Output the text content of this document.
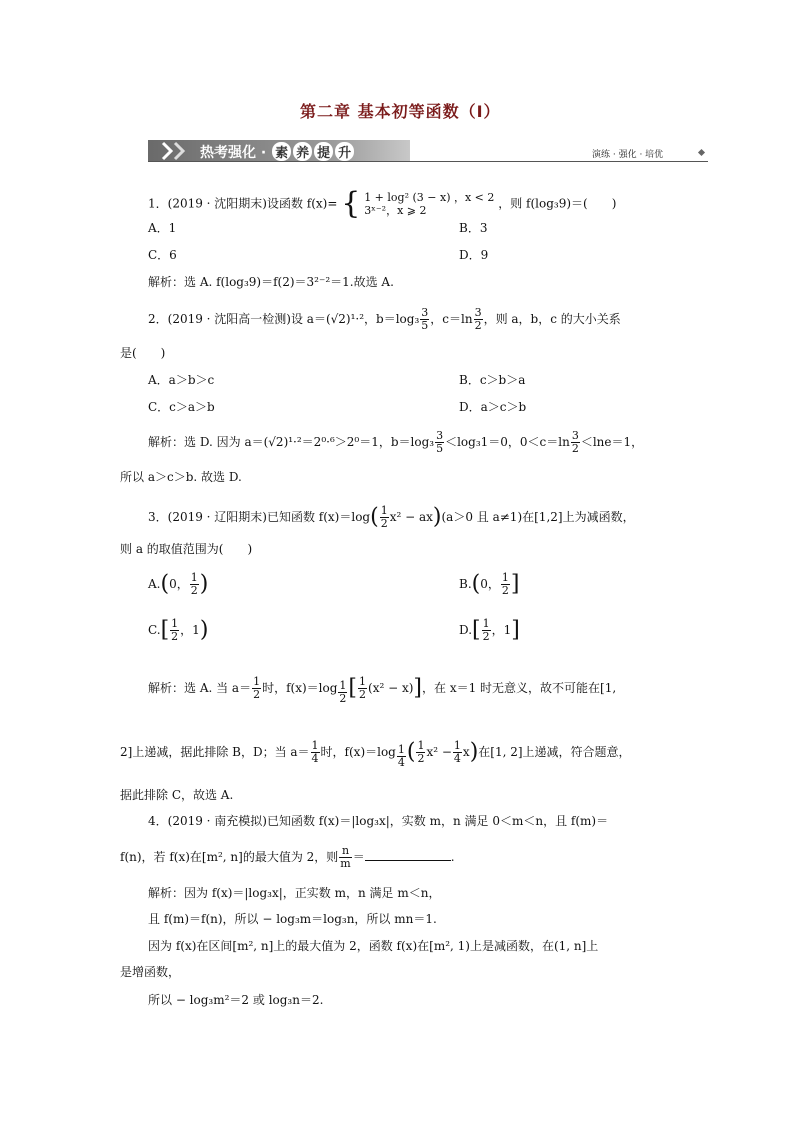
第二章 基本初等函数（Ⅰ）
热考强化 · 素 养 提 升	演练 · 强化 · 培优
1．(2019 · 沈阳期末)设函数 f(x)= { 1 + log² (3 − x) ，x < 2
3ˣ⁻²，x ⩾ 2	，则 f(log₃9)＝(　　)
A．1	B．3
C．6	D．9
解析：选 A. f(log₃9)＝f(2)＝3²⁻²＝1.故选 A.
2．(2019 · 沈阳高一检测)设 a＝(√2)¹·²，$b=\log_3 \frac{3}{5}$ ，$c=\ln \frac{3}{2}$ ，则 a，b，c 的大小关系
是(　　)
A．a＞b＞c	B．c＞b＞a
C．c＞a＞b	D．a＞c＞b
解析：选 D. 因为 a＝(√2)¹·²＝2⁰·⁶＞2⁰＝1，$b=\log_3 \frac{3}{5} <\log_31=0$，$0<c=\ln \frac{3}{2} <\ln e=1$，
所以 a＞c＞b. 故选 D.
3．(2019 · 辽阳期末)已知函数 $f(x)=\log( \frac{1}{2} x^2 - ax)(a>0$ 且 a≠1)在[1,2]上为减函数，
则 a 的取值范围为(　　)
A.(0， $\frac{1}{2}$ )	B.(0， $\frac{1}{2}$ ]
$C.[ \frac{1}{2}$ ，1)	$D.[ \frac{1}{2}$ ，1]
解析：选 A. 当 $a= \frac{1}{2}$ 时，$f(x)=\log \frac{1}{2}$ [ $\frac{1}{2} (x^2 - x)$]，在 x＝1 时无意义，故不可能在[1,
2]上递减，据此排除 B，D；当 $a= \frac{1}{4}$ 时，$f(x)=\log \frac{1}{4}$ ( $\frac{1}{2} x^2 - \frac{1}{4} x$)在[1, 2]上递减，符合题意，
据此排除 C，故选 A.
4．(2019 · 南充模拟)已知函数 f(x)＝|log₃x|，实数 m，n 满足 0＜m＜n，且 f(m)＝
f(n)，若 f(x)在[m², n]的最大值为 2，则 $\frac{n}{m}$ ＝	.
解析：因为 f(x)＝|log₃x|，正实数 m，n 满足 m＜n，
且 f(m)＝f(n)，所以 − log₃m＝log₃n，所以 mn＝1.
因为 f(x)在区间[m², n]上的最大值为 2，函数 f(x)在[m², 1)上是减函数，在(1, n]上
是增函数，
所以 − log₃m²＝2 或 log₃n＝2.
